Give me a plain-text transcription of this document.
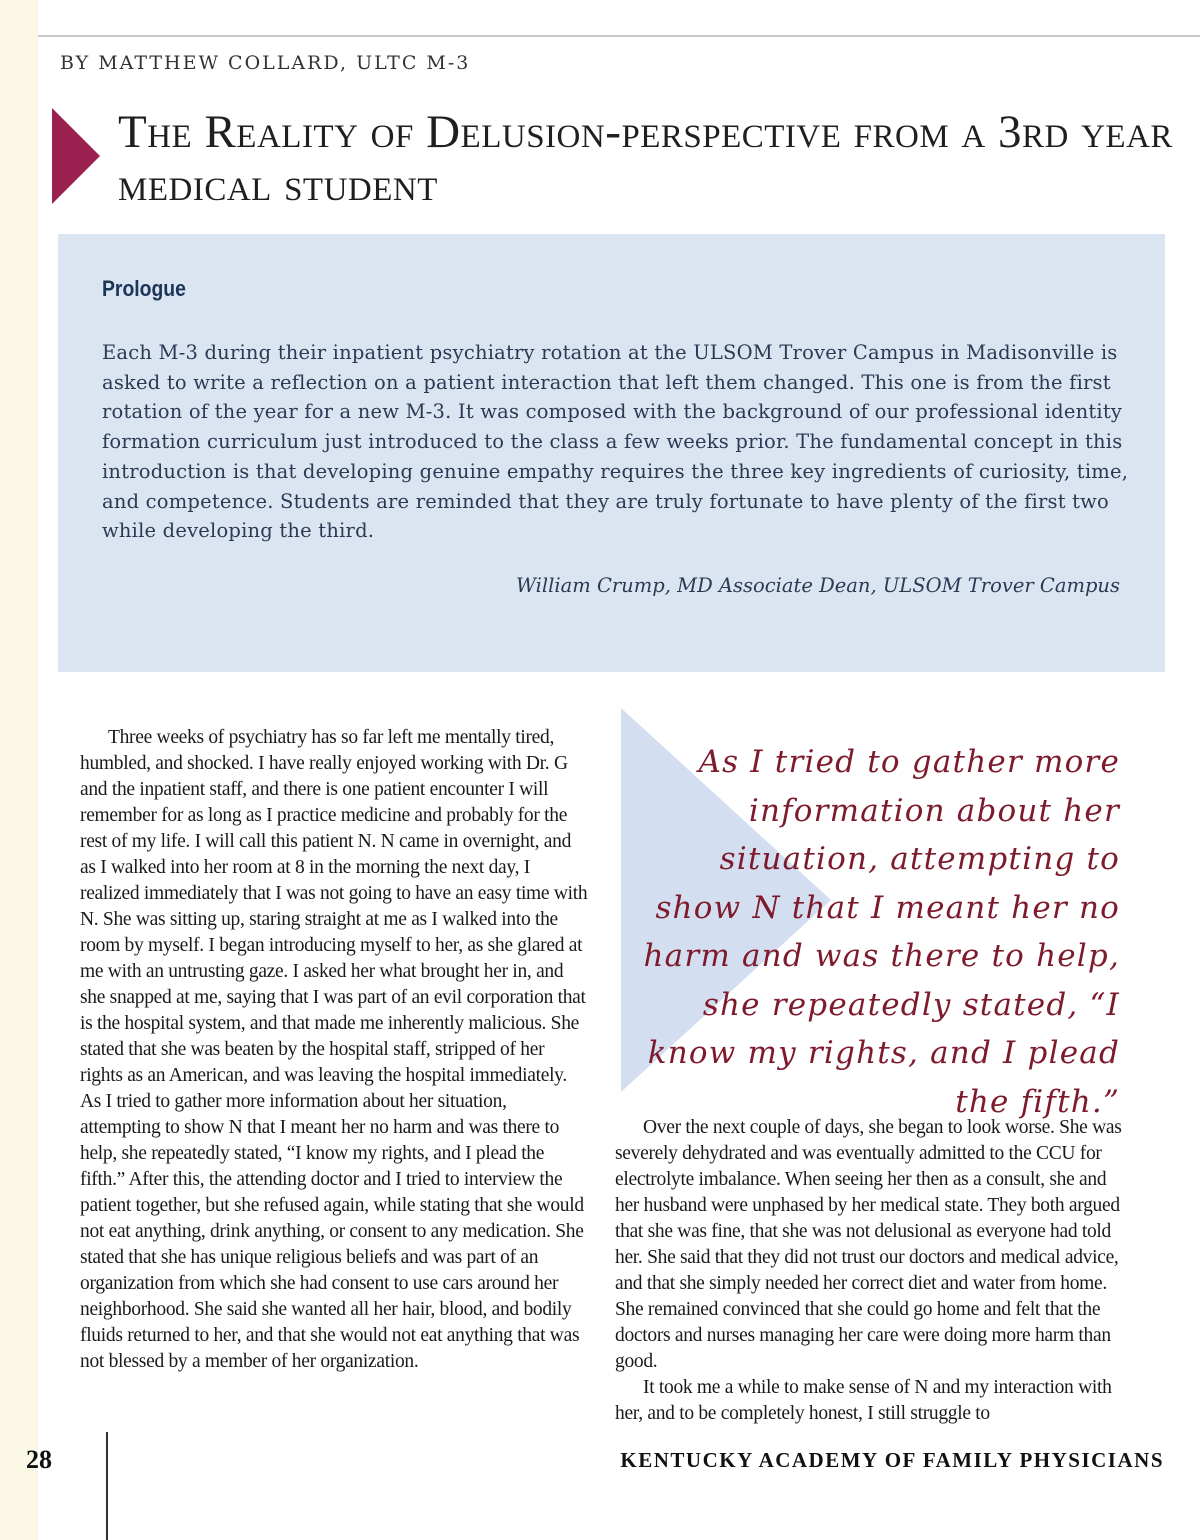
BY MATTHEW COLLARD, ULTC M-3
The Reality of Delusion-perspective from a 3rd year medical student
Prologue

Each M-3 during their inpatient psychiatry rotation at the ULSOM Trover Campus in Madisonville is asked to write a reflection on a patient interaction that left them changed. This one is from the first rotation of the year for a new M-3. It was composed with the background of our professional identity formation curriculum just introduced to the class a few weeks prior. The fundamental concept in this introduction is that developing genuine empathy requires the three key ingredients of curiosity, time, and competence. Students are reminded that they are truly fortunate to have plenty of the first two while developing the third.

William Crump, MD Associate Dean, ULSOM Trover Campus

Three weeks of psychiatry has so far left me mentally tired, humbled, and shocked. I have really enjoyed working with Dr. G and the inpatient staff, and there is one patient encounter I will remember for as long as I practice medicine and probably for the rest of my life. I will call this patient N. N came in overnight, and as I walked into her room at 8 in the morning the next day, I realized immediately that I was not going to have an easy time with N. She was sitting up, staring straight at me as I walked into the room by myself. I began introducing myself to her, as she glared at me with an untrusting gaze. I asked her what brought her in, and she snapped at me, saying that I was part of an evil corporation that is the hospital system, and that made me inherently malicious. She stated that she was beaten by the hospital staff, stripped of her rights as an American, and was leaving the hospital immediately. As I tried to gather more information about her situation, attempting to show N that I meant her no harm and was there to help, she repeatedly stated, “I know my rights, and I plead the fifth.” After this, the attending doctor and I tried to interview the patient together, but she refused again, while stating that she would not eat anything, drink anything, or consent to any medication. She stated that she has unique religious beliefs and was part of an organization from which she had consent to use cars around her neighborhood. She said she wanted all her hair, blood, and bodily fluids returned to her, and that she would not eat anything that was not blessed by a member of her organization.

As I tried to gather more information about her situation, attempting to show N that I meant her no harm and was there to help, she repeatedly stated, “I know my rights, and I plead the fifth.”

Over the next couple of days, she began to look worse. She was severely dehydrated and was eventually admitted to the CCU for electrolyte imbalance. When seeing her then as a consult, she and her husband were unphased by her medical state. They both argued that she was fine, that she was not delusional as everyone had told her. She said that they did not trust our doctors and medical advice, and that she simply needed her correct diet and water from home. She remained convinced that she could go home and felt that the doctors and nurses managing her care were doing more harm than good.

It took me a while to make sense of N and my interaction with her, and to be completely honest, I still struggle to

28	KENTUCKY ACADEMY OF FAMILY PHYSICIANS
